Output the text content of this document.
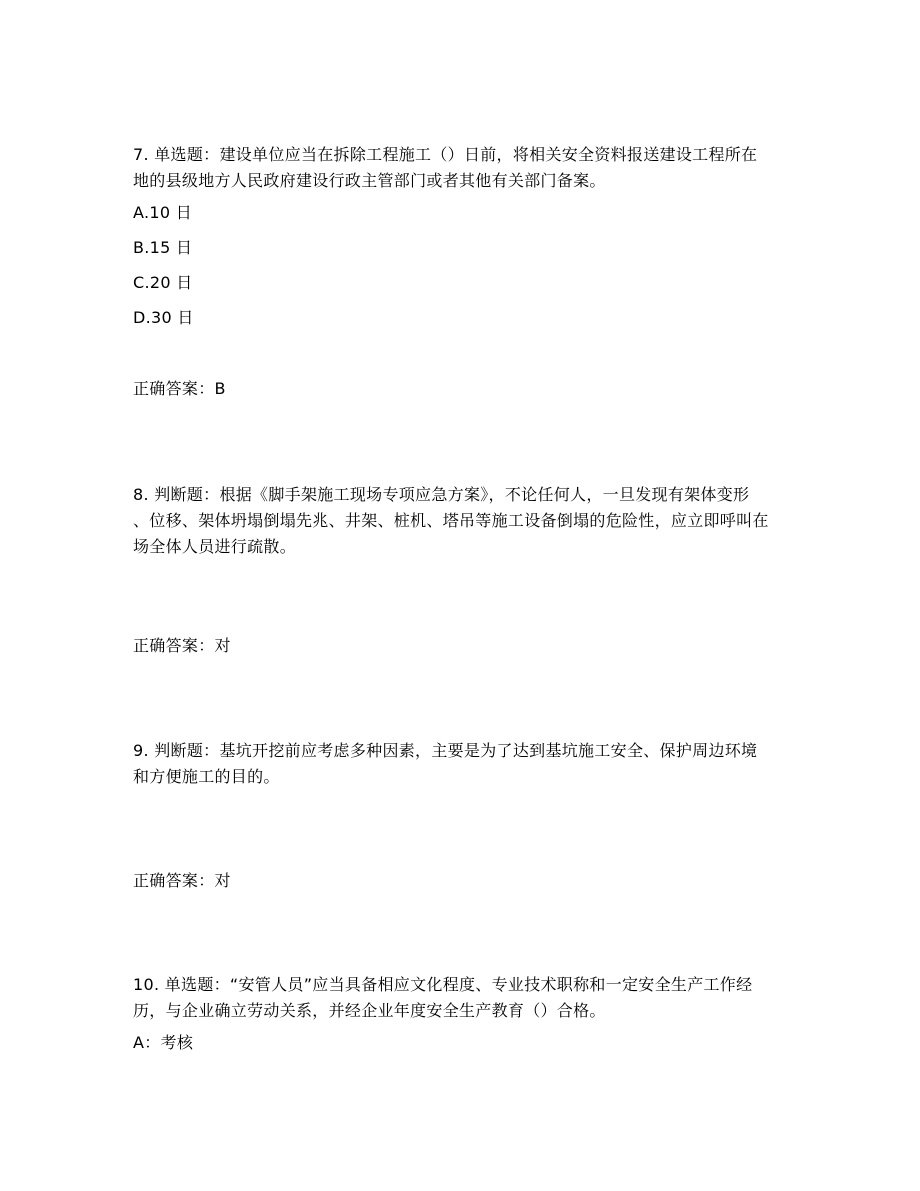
7. 单选题：建设单位应当在拆除工程施工（）日前，将相关安全资料报送建设工程所在
地的县级地方人民政府建设行政主管部门或者其他有关部门备案。
A.10 日
B.15 日
C.20 日
D.30 日
正确答案：B
8. 判断题：根据《脚手架施工现场专项应急方案》，不论任何人，一旦发现有架体变形
、位移、架体坍塌倒塌先兆、井架、桩机、塔吊等施工设备倒塌的危险性，应立即呼叫在
场全体人员进行疏散。
正确答案：对
9. 判断题：基坑开挖前应考虑多种因素，主要是为了达到基坑施工安全、保护周边环境
和方便施工的目的。
正确答案：对
10. 单选题：“安管人员”应当具备相应文化程度、专业技术职称和一定安全生产工作经
历，与企业确立劳动关系，并经企业年度安全生产教育（）合格。
A：考核
